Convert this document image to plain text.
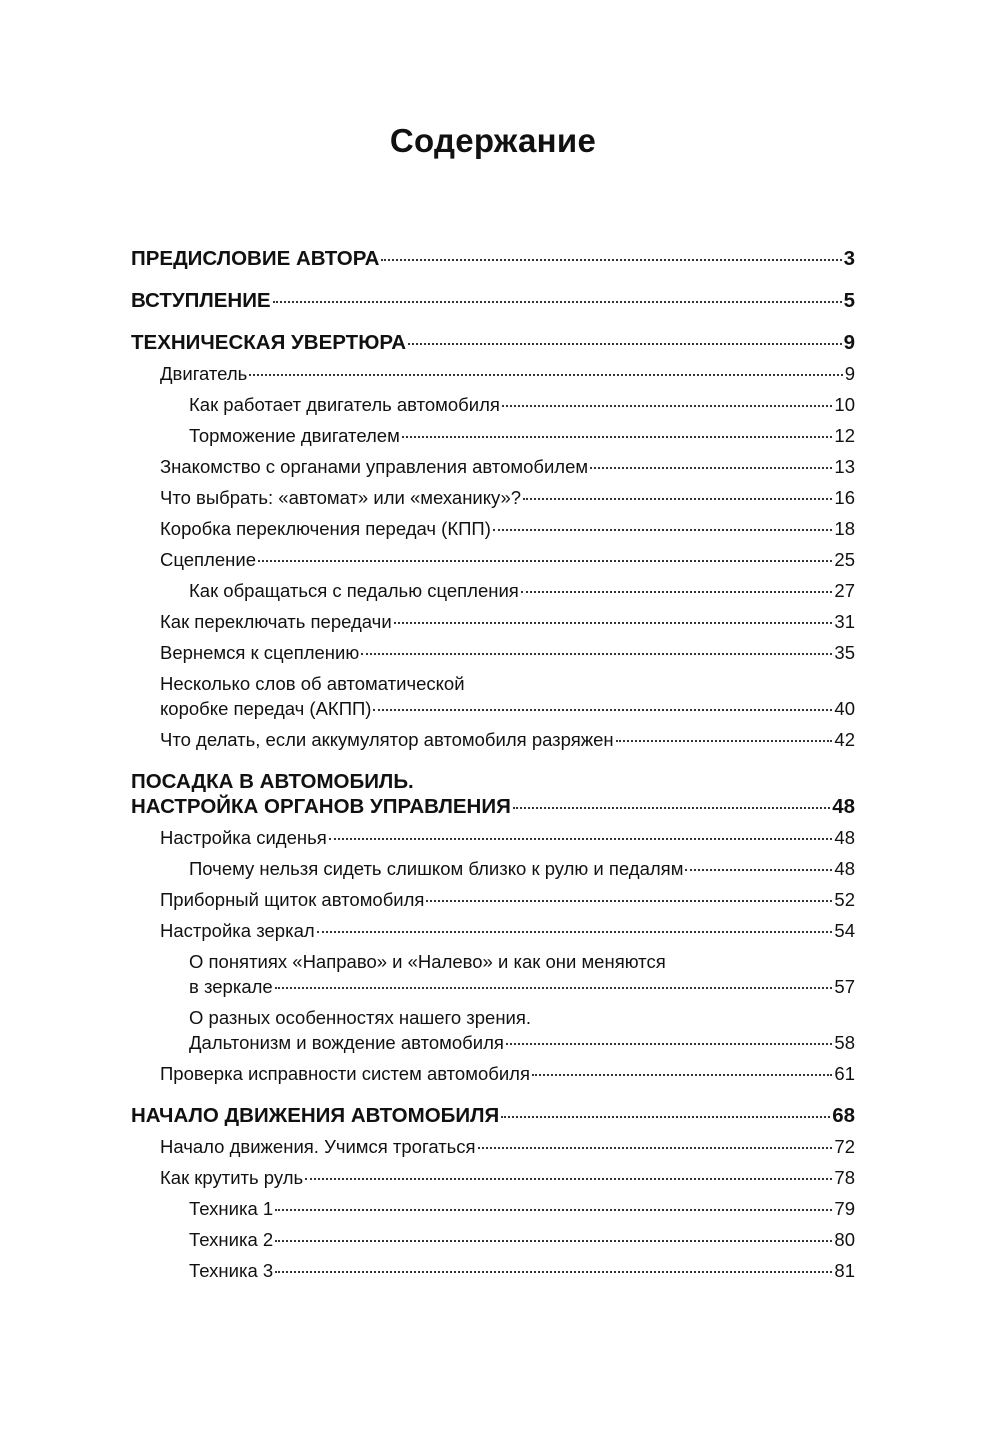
Содержание
ПРЕДИСЛОВИЕ АВТОРА	3
ВСТУПЛЕНИЕ	5
ТЕХНИЧЕСКАЯ УВЕРТЮРА	9
Двигатель	9
Как работает двигатель автомобиля	10
Торможение двигателем	12
Знакомство с органами управления автомобилем	13
Что выбрать: «автомат» или «механику»?	16
Коробка переключения передач (КПП)	18
Сцепление	25
Как обращаться с педалью сцепления	27
Как переключать передачи	31
Вернемся к сцеплению	35
Несколько слов об автоматической
коробке передач (АКПП)	40
Что делать, если аккумулятор автомобиля разряжен	42
ПОСАДКА В АВТОМОБИЛЬ.
НАСТРОЙКА ОРГАНОВ УПРАВЛЕНИЯ	48
Настройка сиденья	48
Почему нельзя сидеть слишком близко к рулю и педалям	48
Приборный щиток автомобиля	52
Настройка зеркал	54
О понятиях «Направо» и «Налево» и как они меняются
в зеркале	57
О разных особенностях нашего зрения.
Дальтонизм и вождение автомобиля	58
Проверка исправности систем автомобиля	61
НАЧАЛО ДВИЖЕНИЯ АВТОМОБИЛЯ	68
Начало движения. Учимся трогаться	72
Как крутить руль	78
Техника 1	79
Техника 2	80
Техника 3	81
